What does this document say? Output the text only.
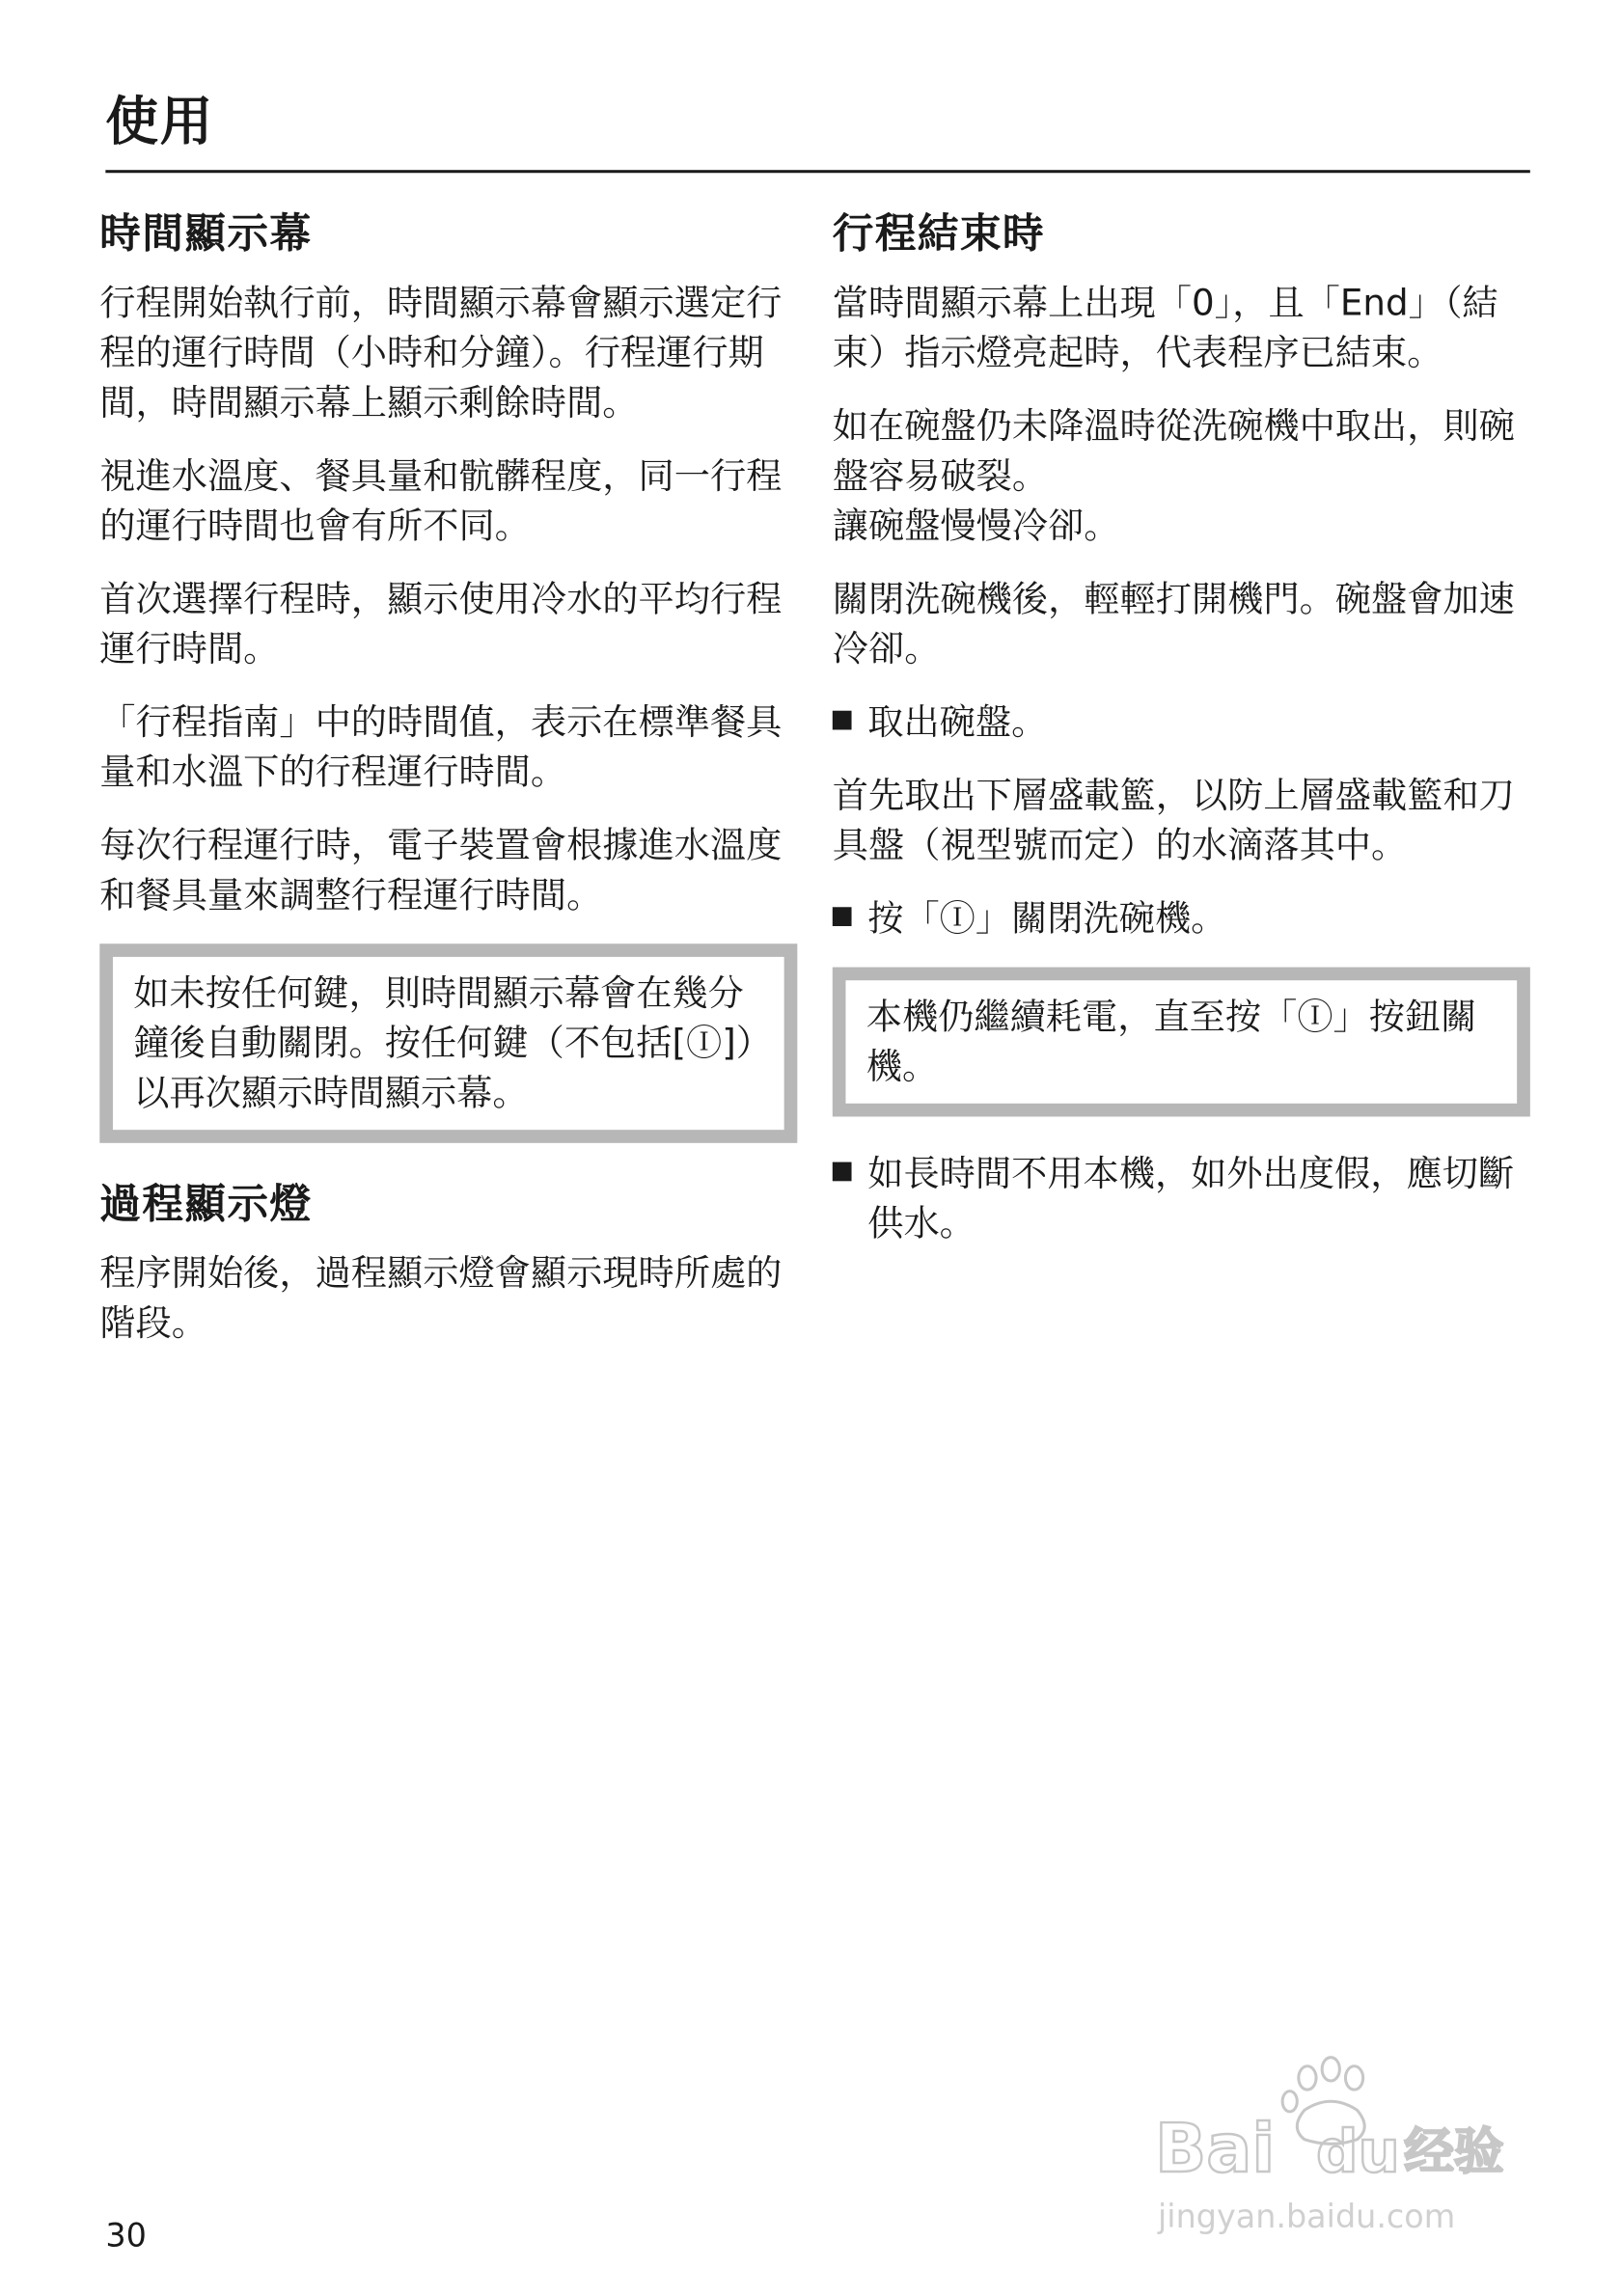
使用
時間顯示幕

行程開始執行前，時間顯示幕會顯示選定行程的運行時間（小時和分鐘）。行程運行期間，時間顯示幕上顯示剩餘時間。

視進水溫度、餐具量和骯髒程度，同一行程的運行時間也會有所不同。

首次選擇行程時，顯示使用冷水的平均行程運行時間。

「行程指南」中的時間值，表示在標準餐具量和水溫下的行程運行時間。

每次行程運行時，電子裝置會根據進水溫度和餐具量來調整行程運行時間。

如未按任何鍵，則時間顯示幕會在幾分鐘後自動關閉。按任何鍵（不包括[Ⓘ]）以再次顯示時間顯示幕。

過程顯示燈

程序開始後，過程顯示燈會顯示現時所處的階段。

行程結束時

當時間顯示幕上出現「0」，且「End」（結束）指示燈亮起時，代表程序已結束。

如在碗盤仍未降溫時從洗碗機中取出，則碗盤容易破裂。

讓碗盤慢慢冷卻。

關閉洗碗機後，輕輕打開機門。碗盤會加速冷卻。

取出碗盤。

首先取出下層盛載籃，以防上層盛載籃和刀具盤（視型號而定）的水滴落其中。

按「Ⓘ」關閉洗碗機。

本機仍繼續耗電，直至按「Ⓘ」按鈕關機。

如長時間不用本機，如外出度假，應切斷供水。
30
Bai du 经验
jingyan.baidu.com
